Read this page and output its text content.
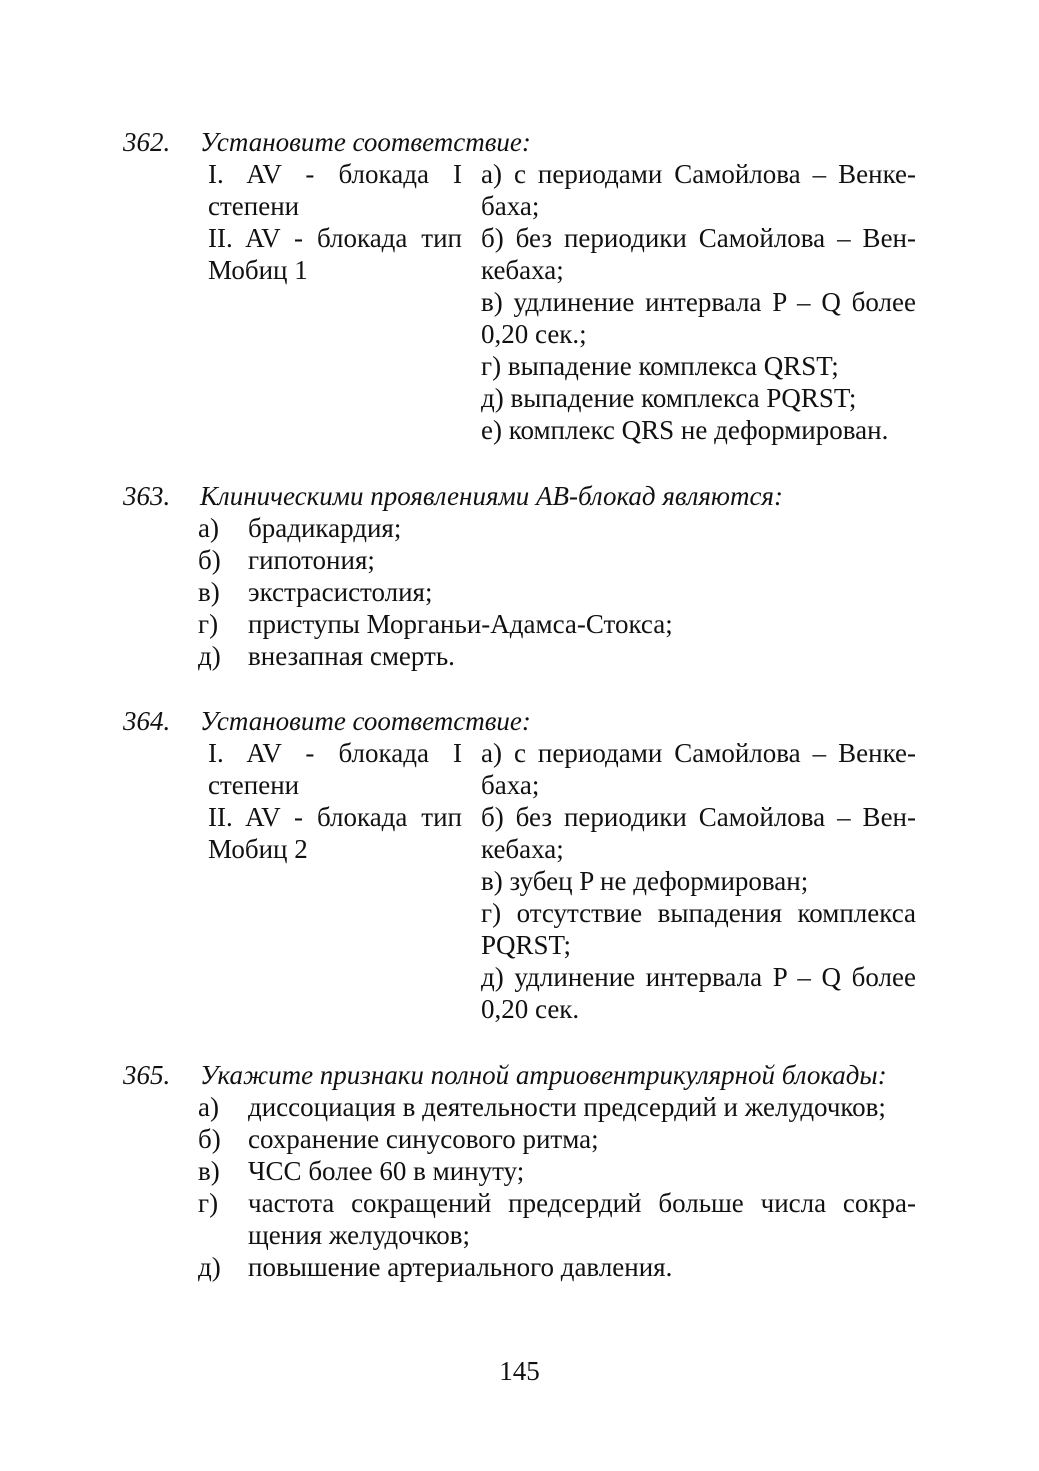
362. Установите соответствие:
I. AV - блокада I
степени
II. AV - блокада тип
Мобиц 1
а) с периодами Самойлова – Венке-
баха;
б) без периодики Самойлова – Вен-
кебаха;
в) удлинение интервала P – Q более
0,20 сек.;
г) выпадение комплекса QRST;
д) выпадение комплекса PQRST;
е) комплекс QRS не деформирован.
363. Клиническими проявлениями АВ-блокад являются:
а) брадикардия;
б) гипотония;
в) экстрасистолия;
г) приступы Морганьи-Адамса-Стокса;
д) внезапная смерть.
364. Установите соответствие:
I. AV - блокада I
степени
II. AV - блокада тип
Мобиц 2
а) с периодами Самойлова – Венке-
баха;
б) без периодики Самойлова – Вен-
кебаха;
в) зубец P не деформирован;
г) отсутствие выпадения комплекса
PQRST;
д) удлинение интервала P – Q более
0,20 сек.
365. Укажите признаки полной атриовентрикулярной блокады:
а) диссоциация в деятельности предсердий и желудочков;
б) сохранение синусового ритма;
в) ЧСС более 60 в минуту;
г) частота сокращений предсердий больше числа сокра-
щения желудочков;
д) повышение артериального давления.
145
